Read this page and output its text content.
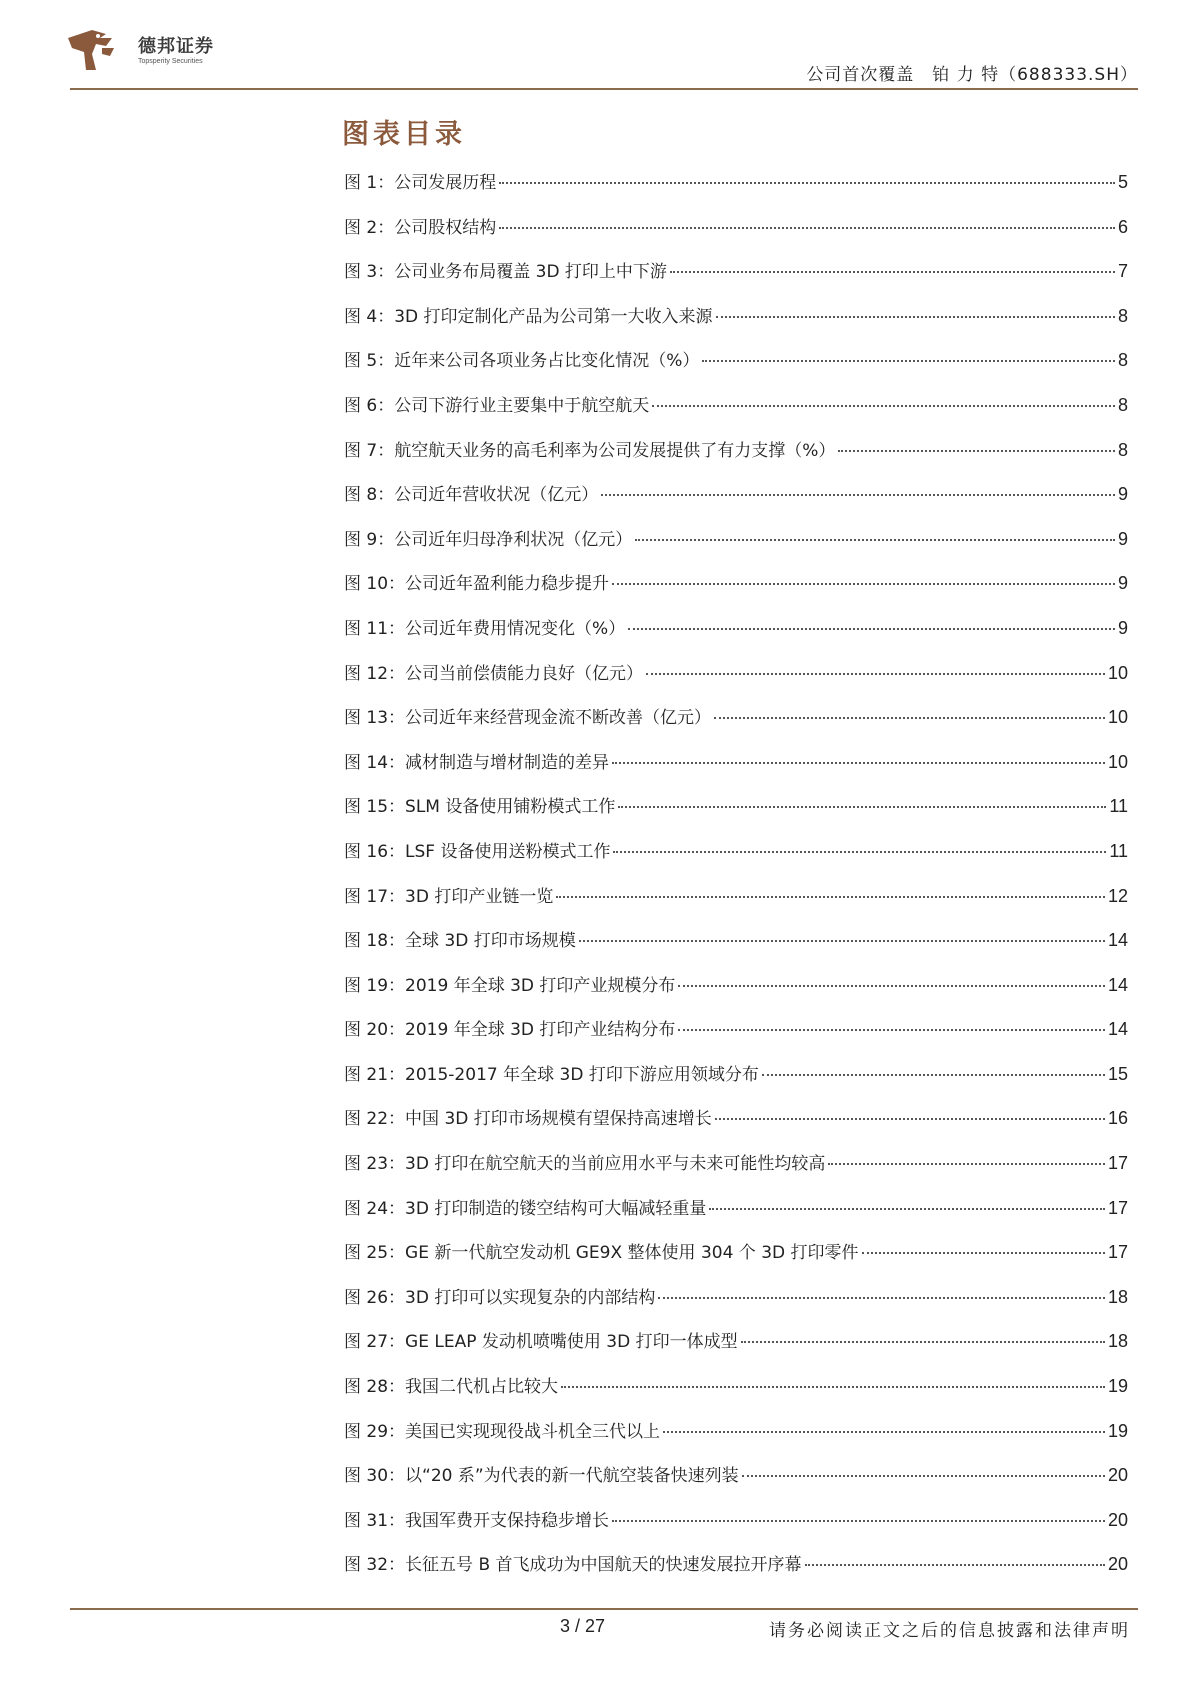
德邦证券
Topsperity Securities
公司首次覆盖　铂 力 特（688333.SH）
图表目录
图 1：公司发展历程	5
图 2：公司股权结构	6
图 3：公司业务布局覆盖 3D 打印上中下游	7
图 4：3D 打印定制化产品为公司第一大收入来源	8
图 5：近年来公司各项业务占比变化情况（%）	8
图 6：公司下游行业主要集中于航空航天	8
图 7：航空航天业务的高毛利率为公司发展提供了有力支撑（%）	8
图 8：公司近年营收状况（亿元）	9
图 9：公司近年归母净利状况（亿元）	9
图 10：公司近年盈利能力稳步提升	9
图 11：公司近年费用情况变化（%）	9
图 12：公司当前偿债能力良好（亿元）	10
图 13：公司近年来经营现金流不断改善（亿元）	10
图 14：减材制造与增材制造的差异	10
图 15：SLM 设备使用铺粉模式工作	11
图 16：LSF 设备使用送粉模式工作	11
图 17：3D 打印产业链一览	12
图 18：全球 3D 打印市场规模	14
图 19：2019 年全球 3D 打印产业规模分布	14
图 20：2019 年全球 3D 打印产业结构分布	14
图 21：2015-2017 年全球 3D 打印下游应用领域分布	15
图 22：中国 3D 打印市场规模有望保持高速增长	16
图 23：3D 打印在航空航天的当前应用水平与未来可能性均较高	17
图 24：3D 打印制造的镂空结构可大幅减轻重量	17
图 25：GE 新一代航空发动机 GE9X 整体使用 304 个 3D 打印零件	17
图 26：3D 打印可以实现复杂的内部结构	18
图 27：GE LEAP 发动机喷嘴使用 3D 打印一体成型	18
图 28：我国二代机占比较大	19
图 29：美国已实现现役战斗机全三代以上	19
图 30：以“20 系”为代表的新一代航空装备快速列装	20
图 31：我国军费开支保持稳步增长	20
图 32：长征五号 B 首飞成功为中国航天的快速发展拉开序幕	20
3 / 27	请务必阅读正文之后的信息披露和法律声明
